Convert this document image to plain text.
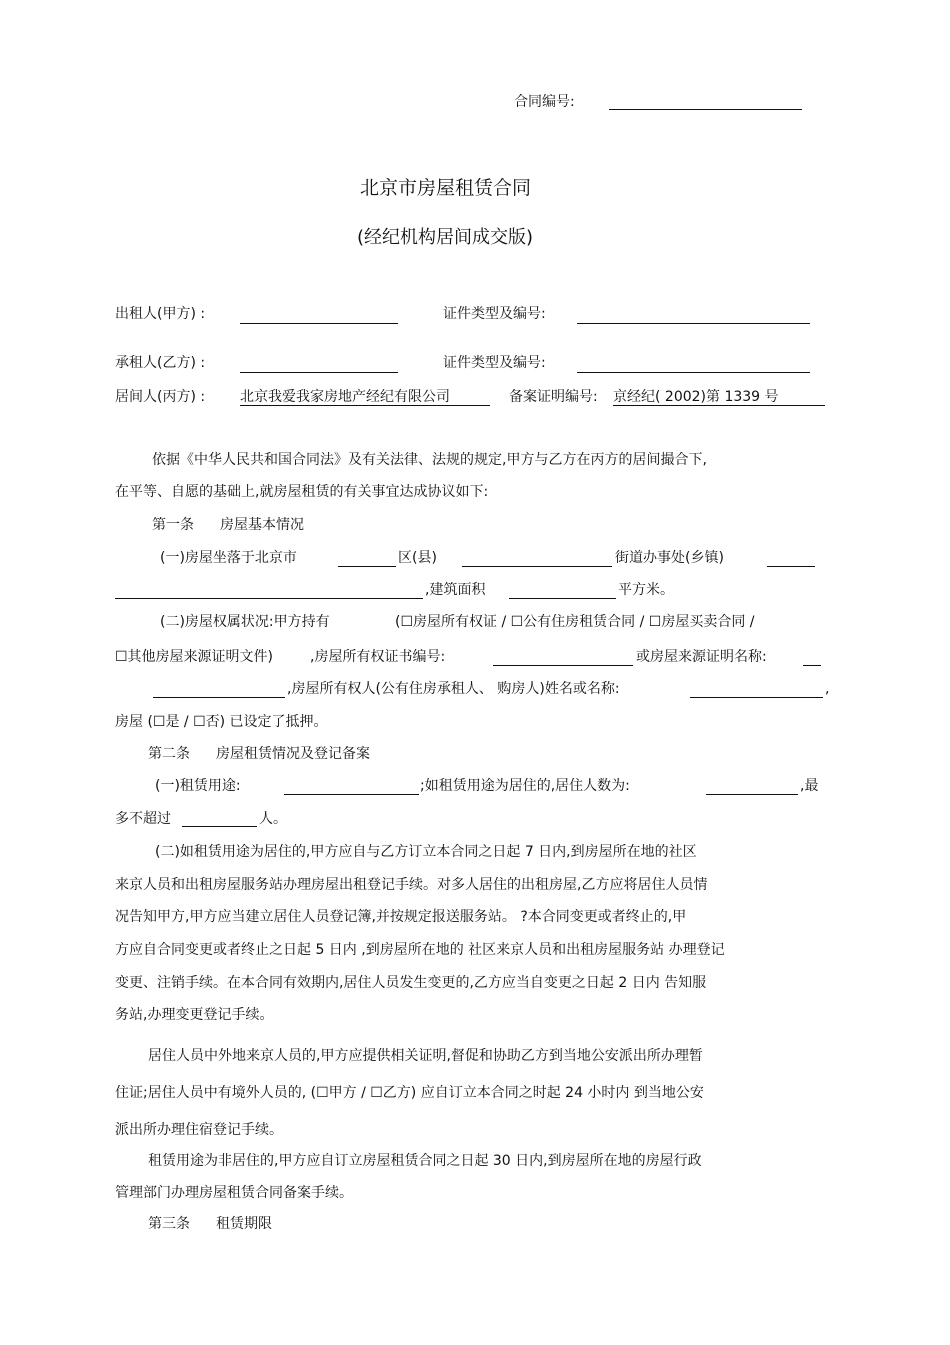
合同编号:
北京市房屋租赁合同
(经纪机构居间成交版)
出租人(甲方) :	证件类型及编号:
承租人(乙方) :	证件类型及编号:
居间人(丙方) : 北京我爱我家房地产经纪有限公司	备案证明编号: 京经纪( 2002)第 1339 号
依据《中华人民共和国合同法》及有关法律、法规的规定,甲方与乙方在丙方的居间撮合下,
在平等、自愿的基础上,就房屋租赁的有关事宜达成协议如下:
第一条 房屋基本情况
(一)房屋坐落于北京市	区(县)	街道办事处(乡镇)
,建筑面积	平方米。
(二)房屋权属状况:甲方持有	(☐房屋所有权证 / ☐公有住房租赁合同 / ☐房屋买卖合同 /
☐其他房屋来源证明文件)	,房屋所有权证书编号:	或房屋来源证明名称:
,房屋所有权人(公有住房承租人、 购房人)姓名或名称:	,
房屋 (☐是 / ☐否) 已设定了抵押。
第二条 房屋租赁情况及登记备案
(一)租赁用途:	;如租赁用途为居住的,居住人数为:	,最
多不超过	人。
(二)如租赁用途为居住的,甲方应自与乙方订立本合同之日起 7 日内,到房屋所在地的社区
来京人员和出租房屋服务站办理房屋出租登记手续。对多人居住的出租房屋,乙方应将居住人员情
况告知甲方,甲方应当建立居住人员登记簿,并按规定报送服务站。 ?本合同变更或者终止的,甲
方应自合同变更或者终止之日起 5 日内 ,到房屋所在地的 社区来京人员和出租房屋服务站 办理登记
变更、注销手续。在本合同有效期内,居住人员发生变更的,乙方应当自变更之日起 2 日内 告知服
务站,办理变更登记手续。
居住人员中外地来京人员的,甲方应提供相关证明,督促和协助乙方到当地公安派出所办理暂
住证;居住人员中有境外人员的, (☐甲方 / ☐乙方) 应自订立本合同之时起 24 小时内 到当地公安
派出所办理住宿登记手续。
租赁用途为非居住的,甲方应自订立房屋租赁合同之日起 30 日内,到房屋所在地的房屋行政
管理部门办理房屋租赁合同备案手续。
第三条 租赁期限
